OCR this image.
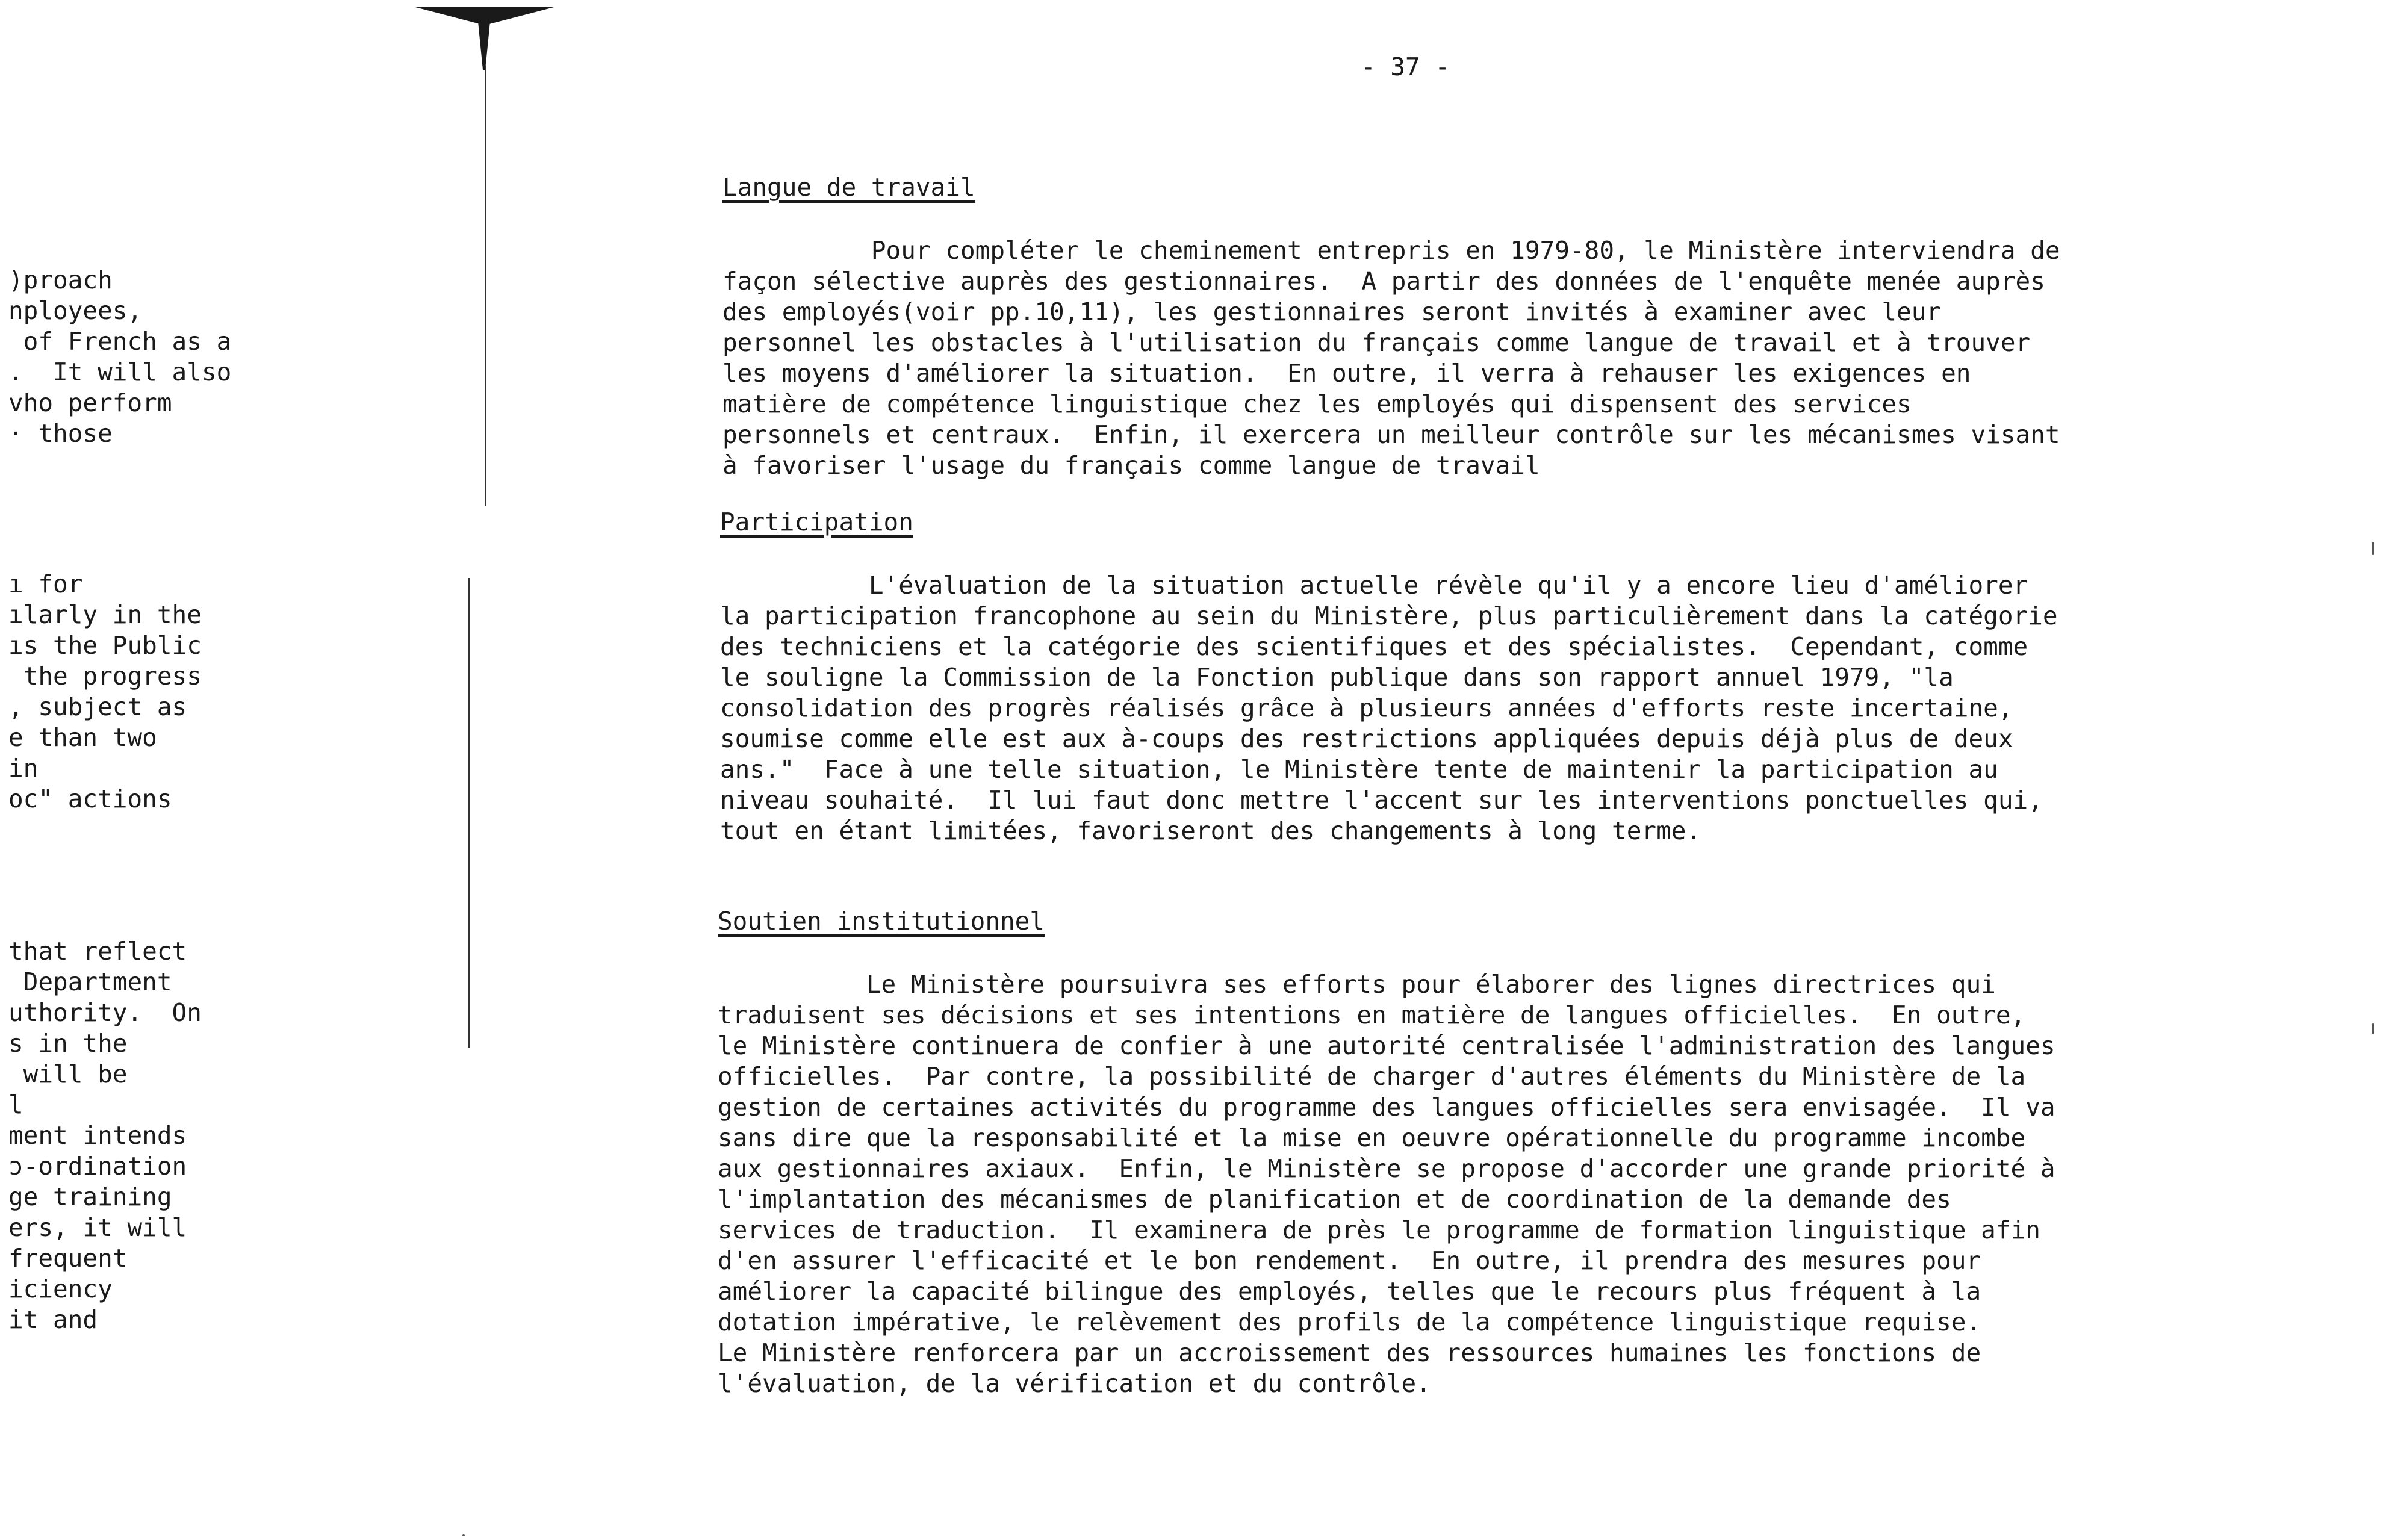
- 37 -
)proach
nployees,
of French as a
.  It will also
vho perform
· those
ı for
ılarly in the
ıs the Public
the progress
, subject as
e than two
in
oc" actions
that reflect
Department
uthority.  On
s in the
will be
l
ment intends
ɔ-ordination
ge training
ers, it will
frequent
iciency
it and
Langue de travail
Pour compléter le cheminement entrepris en 1979-80, le Ministère interviendra de
façon sélective auprès des gestionnaires.  A partir des données de l'enquête menée auprès
des employés(voir pp.10,11), les gestionnaires seront invités à examiner avec leur
personnel les obstacles à l'utilisation du français comme langue de travail et à trouver
les moyens d'améliorer la situation.  En outre, il verra à rehauser les exigences en
matière de compétence linguistique chez les employés qui dispensent des services
personnels et centraux.  Enfin, il exercera un meilleur contrôle sur les mécanismes visant
à favoriser l'usage du français comme langue de travail
Participation
L'évaluation de la situation actuelle révèle qu'il y a encore lieu d'améliorer
la participation francophone au sein du Ministère, plus particulièrement dans la catégorie
des techniciens et la catégorie des scientifiques et des spécialistes.  Cependant, comme
le souligne la Commission de la Fonction publique dans son rapport annuel 1979, "la
consolidation des progrès réalisés grâce à plusieurs années d'efforts reste incertaine,
soumise comme elle est aux à-coups des restrictions appliquées depuis déjà plus de deux
ans."  Face à une telle situation, le Ministère tente de maintenir la participation au
niveau souhaité.  Il lui faut donc mettre l'accent sur les interventions ponctuelles qui,
tout en étant limitées, favoriseront des changements à long terme.
Soutien institutionnel
Le Ministère poursuivra ses efforts pour élaborer des lignes directrices qui
traduisent ses décisions et ses intentions en matière de langues officielles.  En outre,
le Ministère continuera de confier à une autorité centralisée l'administration des langues
officielles.  Par contre, la possibilité de charger d'autres éléments du Ministère de la
gestion de certaines activités du programme des langues officielles sera envisagée.  Il va
sans dire que la responsabilité et la mise en oeuvre opérationnelle du programme incombe
aux gestionnaires axiaux.  Enfin, le Ministère se propose d'accorder une grande priorité à
l'implantation des mécanismes de planification et de coordination de la demande des
services de traduction.  Il examinera de près le programme de formation linguistique afin
d'en assurer l'efficacité et le bon rendement.  En outre, il prendra des mesures pour
améliorer la capacité bilingue des employés, telles que le recours plus fréquent à la
dotation impérative, le relèvement des profils de la compétence linguistique requise.
Le Ministère renforcera par un accroissement des ressources humaines les fonctions de
l'évaluation, de la vérification et du contrôle.
